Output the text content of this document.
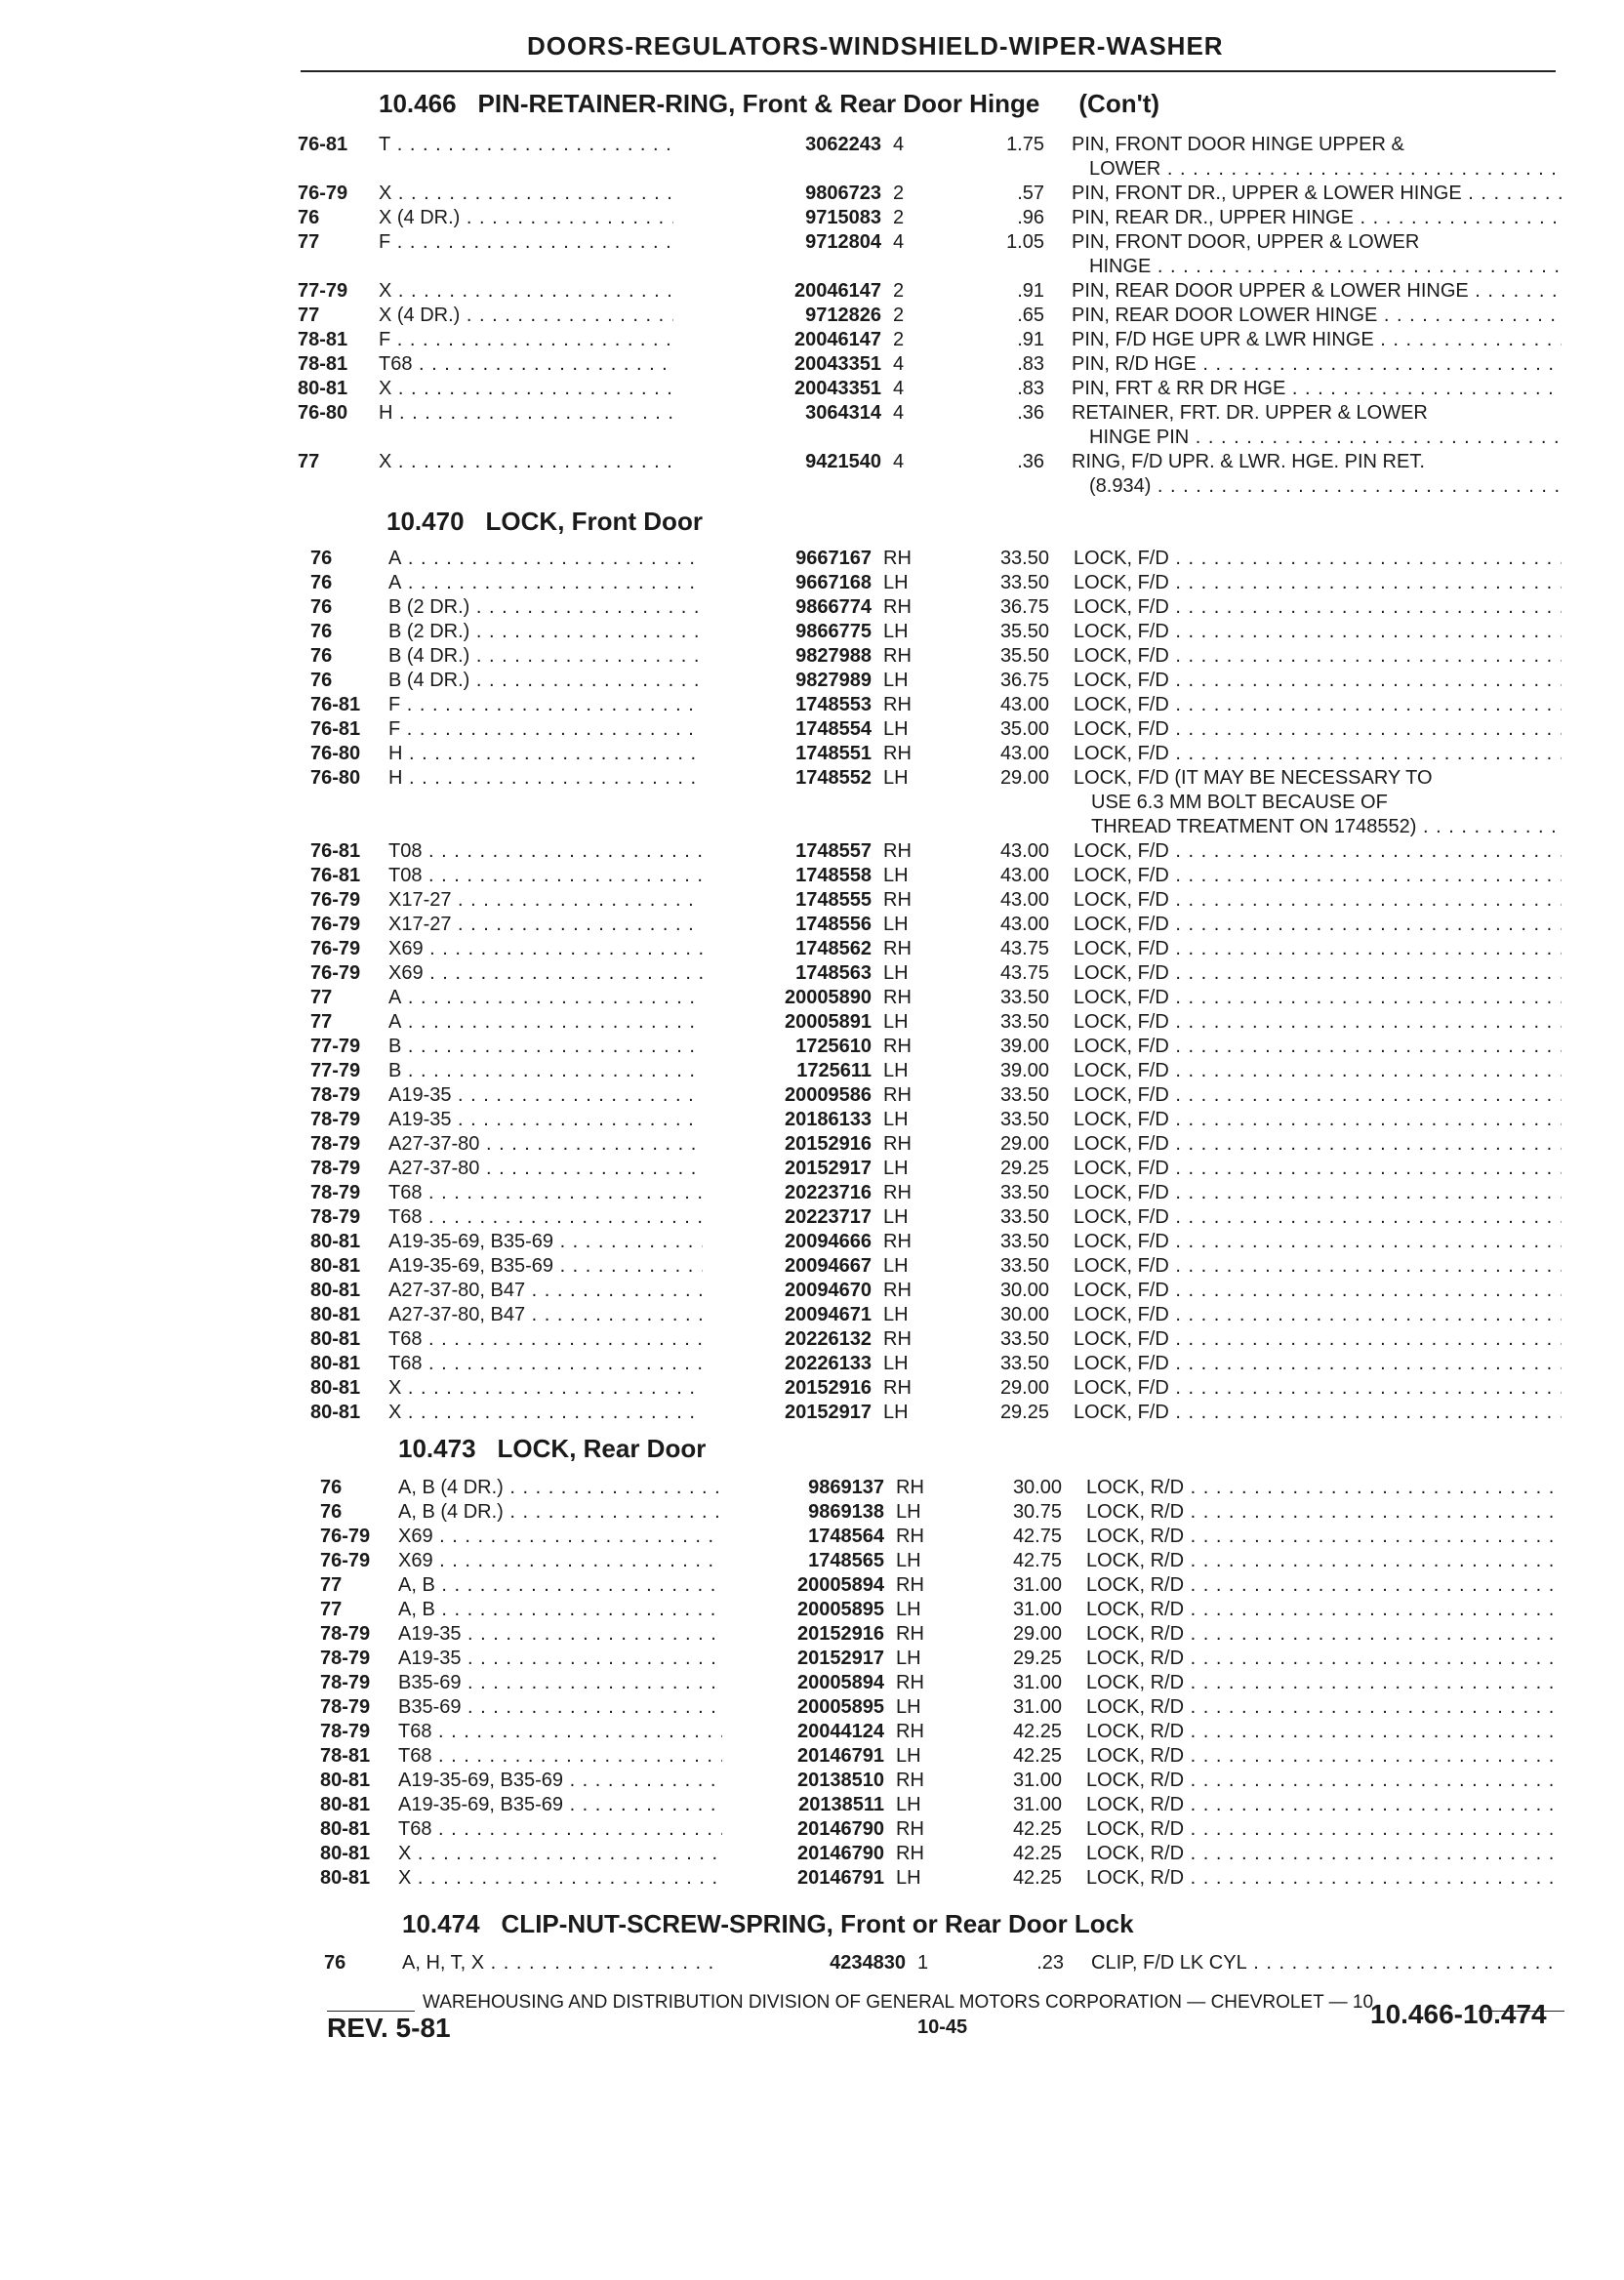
DOORS-REGULATORS-WINDSHIELD-WIPER-WASHER
10.466 PIN-RETAINER-RING, Front & Rear Door Hinge (Con't)
76-81 T . . .	3062243 4	1.75 PIN, FRONT DOOR HINGE UPPER &
LOWER . . .
76-79 X . . .	9806723 2	.57 PIN, FRONT DR., UPPER & LOWER HINGE . . .
76	X (4 DR.) . . .	9715083 2	.96 PIN, REAR DR., UPPER HINGE . . .
77	F . . .	9712804 4	1.05 PIN, FRONT DOOR, UPPER & LOWER
HINGE . . .
77-79 X . . .	20046147 2	.91 PIN, REAR DOOR UPPER & LOWER HINGE . . .
77	X (4 DR.) . . .	9712826 2	.65 PIN, REAR DOOR LOWER HINGE . . .
78-81 F . . .	20046147 2	.91 PIN, F/D HGE UPR & LWR HINGE . . .
78-81 T68 . . .	20043351 4	.83 PIN, R/D HGE . . .
80-81 X . . .	20043351 4	.83 PIN, FRT & RR DR HGE . . .
76-80 H . . .	3064314 4	.36 RETAINER, FRT. DR. UPPER & LOWER
HINGE PIN . . .
77	X . . .	9421540 4	.36 RING, F/D UPR. & LWR. HGE. PIN RET.
(8.934) . . .
10.470 LOCK, Front Door
76	A . . .	9667167 RH	33.50 LOCK, F/D . . .
76	A . . .	9667168 LH	33.50 LOCK, F/D . . .
76	B (2 DR.) . . .	9866774 RH	36.75 LOCK, F/D . . .
76	B (2 DR.) . . .	9866775 LH	35.50 LOCK, F/D . . .
76	B (4 DR.) . . .	9827988 RH	35.50 LOCK, F/D . . .
76	B (4 DR.) . . .	9827989 LH	36.75 LOCK, F/D . . .
76-81 F . . .	1748553 RH	43.00 LOCK, F/D . . .
76-81 F . . .	1748554 LH	35.00 LOCK, F/D . . .
76-80 H . . .	1748551 RH	43.00 LOCK, F/D . . .
76-80 H . . .	1748552 LH	29.00 LOCK, F/D (IT MAY BE NECESSARY TO
USE 6.3 MM BOLT BECAUSE OF
THREAD TREATMENT ON 1748552) . . .
76-81 T08 . . .	1748557 RH	43.00 LOCK, F/D . . .
76-81 T08 . . .	1748558 LH	43.00 LOCK, F/D . . .
76-79 X17-27 . . .	1748555 RH	43.00 LOCK, F/D . . .
76-79 X17-27 . . .	1748556 LH	43.00 LOCK, F/D . . .
76-79 X69 . . .	1748562 RH	43.75 LOCK, F/D . . .
76-79 X69 . . .	1748563 LH	43.75 LOCK, F/D . . .
77	A . . .	20005890 RH	33.50 LOCK, F/D . . .
77	A . . .	20005891 LH	33.50 LOCK, F/D . . .
77-79 B . . .	1725610 RH	39.00 LOCK, F/D . . .
77-79 B . . .	1725611 LH	39.00 LOCK, F/D . . .
78-79 A19-35 . . .	20009586 RH	33.50 LOCK, F/D . . .
78-79 A19-35 . . .	20186133 LH	33.50 LOCK, F/D . . .
78-79 A27-37-80 . . .	20152916 RH	29.00 LOCK, F/D . . .
78-79 A27-37-80 . . .	20152917 LH	29.25 LOCK, F/D . . .
78-79 T68 . . .	20223716 RH	33.50 LOCK, F/D . . .
78-79 T68 . . .	20223717 LH	33.50 LOCK, F/D . . .
80-81 A19-35-69, B35-69 . . .	20094666 RH	33.50 LOCK, F/D . . .
80-81 A19-35-69, B35-69 . . .	20094667 LH	33.50 LOCK, F/D . . .
80-81 A27-37-80, B47 . . .	20094670 RH	30.00 LOCK, F/D . . .
80-81 A27-37-80, B47 . . .	20094671 LH	30.00 LOCK, F/D . . .
80-81 T68 . . .	20226132 RH	33.50 LOCK, F/D . . .
80-81 T68 . . .	20226133 LH	33.50 LOCK, F/D . . .
80-81 X . . .	20152916 RH	29.00 LOCK, F/D . . .
80-81 X . . .	20152917 LH	29.25 LOCK, F/D . . .
10.473 LOCK, Rear Door
76	A, B (4 DR.) . . .	9869137 RH	30.00 LOCK, R/D . . .
76	A, B (4 DR.) . . .	9869138 LH	30.75 LOCK, R/D . . .
76-79 X69 . . .	1748564 RH	42.75 LOCK, R/D . . .
76-79 X69 . . .	1748565 LH	42.75 LOCK, R/D . . .
77	A, B . . .	20005894 RH	31.00 LOCK, R/D . . .
77	A, B . . .	20005895 LH	31.00 LOCK, R/D . . .
78-79 A19-35 . . .	20152916 RH	29.00 LOCK, R/D . . .
78-79 A19-35 . . .	20152917 LH	29.25 LOCK, R/D . . .
78-79 B35-69 . . .	20005894 RH	31.00 LOCK, R/D . . .
78-79 B35-69 . . .	20005895 LH	31.00 LOCK, R/D . . .
78-79 T68 . . .	20044124 RH	42.25 LOCK, R/D . . .
78-81 T68 . . .	20146791 LH	42.25 LOCK, R/D . . .
80-81 A19-35-69, B35-69 . . .	20138510 RH	31.00 LOCK, R/D . . .
80-81 A19-35-69, B35-69 . . .	20138511 LH	31.00 LOCK, R/D . . .
80-81 T68 . . .	20146790 RH	42.25 LOCK, R/D . . .
80-81 X . . .	20146790 RH	42.25 LOCK, R/D . . .
80-81 X . . .	20146791 LH	42.25 LOCK, R/D . . .
10.474 CLIP-NUT-SCREW-SPRING, Front or Rear Door Lock
76	A, H, T, X . . .	4234830 1	.23 CLIP, F/D LK CYL . . .
WAREHOUSING AND DISTRIBUTION DIVISION OF GENERAL MOTORS CORPORATION — CHEVROLET — 10
REV. 5-81	10-45	10.466-10.474
